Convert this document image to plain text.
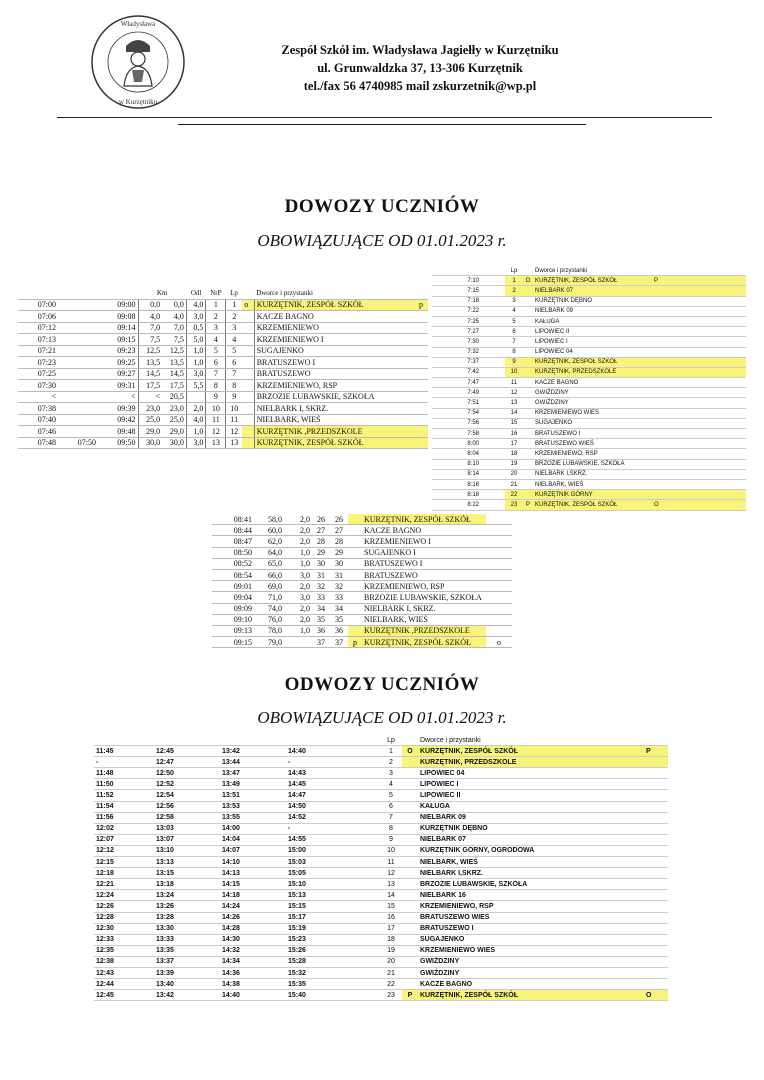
Władysława
w Kurzętniku
Zespół Szkół im. Władysława Jagiełły w Kurzętniku
ul. Grunwaldzka 37, 13-306 Kurzętnik
tel./fax 56 4740985 mail zskurzetnik@wp.pl
DOWOZY UCZNIÓW
OBOWIĄZUJĄCE OD 01.01.2023 r.
			Km		Odl	NrP	Lp		Dworce i przystanki	
07:00		09:00	0,0	0,0	4,0	1	1	o	KURZĘTNIK, ZESPÓŁ SZKÓŁ	p
07:06		09:08	4,0	4,0	3,0	2	2		KACZE BAGNO	
07:12		09:14	7,0	7,0	0,5	3	3		KRZEMIENIEWO	
07:13		09:15	7,5	7,5	5,0	4	4		KRZEMIENIEWO I	
07:21		09:23	12,5	12,5	1,0	5	5		SUGAJENKO	
07:23		09:25	13,5	13,5	1,0	6	6		BRATUSZEWO I	
07:25		09:27	14,5	14,5	3,0	7	7		BRATUSZEWO	
07:30		09:31	17,5	17,5	5,5	8	8		KRZEMIENIEWO, RSP	
<		<	<	20,5		9	9		BRZOZIE LUBAWSKIE, SZKOŁA	
07:38		09:39	23,0	23,0	2,0	10	10		NIELBARK I, SKRZ.	
07:40		09:42	25,0	25,0	4,0	11	11		NIELBARK, WIEŚ	
07:46		09:48	29,0	29,0	1,0	12	12		KURZĘTNIK ,PRZEDSZKOLE	
07:48	07:50	09:50	30,0	30,0	3,0	13	13		KURZĘTNIK, ZESPÓŁ SZKÓŁ	
		Lp		Dworce i przystanki	
7:10		1	O	KURZĘTNIK, ZESPÓŁ SZKÓŁ	P
7:15		2		NIELBARK 07	
7:18		3		KURZĘTNIK DĘBNO	
7:22		4		NIELBARK 09	
7:25		5		KAŁUGA	
7:27		6		LIPOWIEC II	
7:30		7		LIPOWIEC I	
7:32		8		LIPOWIEC 04	
7:37		9		KURZĘTNIK, ZESPÓŁ SZKÓŁ	
7:42		10		KURZĘTNIK, PRZEDSZKOLE	
7:47		11		KACZE BAGNO	
7:49		12		GWIŹDZINY	
7:51		13		GWIŹDZINY	
7:54		14		KRZEMIENIEWO WIEŚ	
7:56		15		SUGAJENKO	
7:58		16		BRATUSZEWO I	
8:00		17		BRATUSZEWO WIEŚ	
8:04		18		KRZEMIENIEWO, RSP	
8:10		19		BRZOZIE LUBAWSKIE, SZKOŁA	
8:14		20		NIELBARK I,SKRZ.	
8:16		21		NIELBARK, WIEŚ	
8:18		22		KURZĘTNIK GÓRNY	
8:22		23	P	KURZĘTNIK, ZESPÓŁ SZKÓŁ	O
08:41	58,0	2,0	26	26		KURZĘTNIK, ZESPÓŁ SZKÓŁ	
08:44	60,0	2,0	27	27		KACZE BAGNO	
08:47	62,0	2,0	28	28		KRZEMIENIEWO I	
08:50	64,0	1,0	29	29		SUGAJENKO I	
08:52	65,0	1,0	30	30		BRATUSZEWO I	
08:54	66,0	3,0	31	31		BRATUSZEWO	
09:01	69,0	2,0	32	32		KRZEMIENIEWO, RSP	
09:04	71,0	3,0	33	33		BRZOZIE LUBAWSKIE, SZKOŁA	
09:09	74,0	2,0	34	34		NIELBARK I, SKRZ.	
09:10	76,0	2,0	35	35		NIELBARK, WIEŚ	
09:13	78,0	1,0	36	36		KURZĘTNIK ,PRZEDSZKOLE	
09:15	79,0		37	37	p	KURZĘTNIK, ZESPÓŁ SZKÓŁ	o
ODWOZY UCZNIÓW
OBOWIĄZUJĄCE OD 01.01.2023 r.
					Lp		Dworce i przystanki	
11:45	12:45	13:42	14:40		1	O	KURZĘTNIK, ZESPÓŁ SZKÓŁ	P
-	12:47	13:44	-		2		KURZĘTNIK, PRZEDSZKOLE	
11:48	12:50	13:47	14:43		3		LIPOWIEC 04	
11:50	12:52	13:49	14:45		4		LIPOWIEC I	
11:52	12:54	13:51	14:47		5		LIPOWIEC II	
11:54	12:56	13:53	14:50		6		KAŁUGA	
11:56	12:58	13:55	14:52		7		NIELBARK 09	
12:02	13:03	14:00	-		8		KURZĘTNIK DĘBNO	
12:07	13:07	14:04	14:55		9		NIELBARK 07	
12:12	13:10	14:07	15:00		10		KURZĘTNIK GÓRNY, OGRODOWA	
12:15	13:13	14:10	15:03		11		NIELBARK, WIEŚ	
12:18	13:15	14:13	15:05		12		NIELBARK I,SKRZ.	
12:21	13:18	14:15	15:10		13		BRZOZIE LUBAWSKIE, SZKOŁA	
12:24	13:24	14:18	15:13		14		NIELBARK 16	
12:26	13:26	14:24	15:15		15		KRZEMIENIEWO, RSP	
12:28	13:28	14:26	15:17		16		BRATUSZEWO WIEŚ	
12:30	13:30	14:28	15:19		17		BRATUSZEWO I	
12:33	13:33	14:30	15:23		18		SUGAJENKO	
12:35	13:35	14:32	15:26		19		KRZEMIENIEWO WIEŚ	
12:38	13:37	14:34	15:28		20		GWIŹDZINY	
12:43	13:39	14:36	15:32		21		GWIŹDZINY	
12:44	13:40	14:38	15:35		22		KACZE BAGNO	
12:45	13:42	14:40	15:40		23	P	KURZĘTNIK, ZESPÓŁ SZKÓŁ	O
